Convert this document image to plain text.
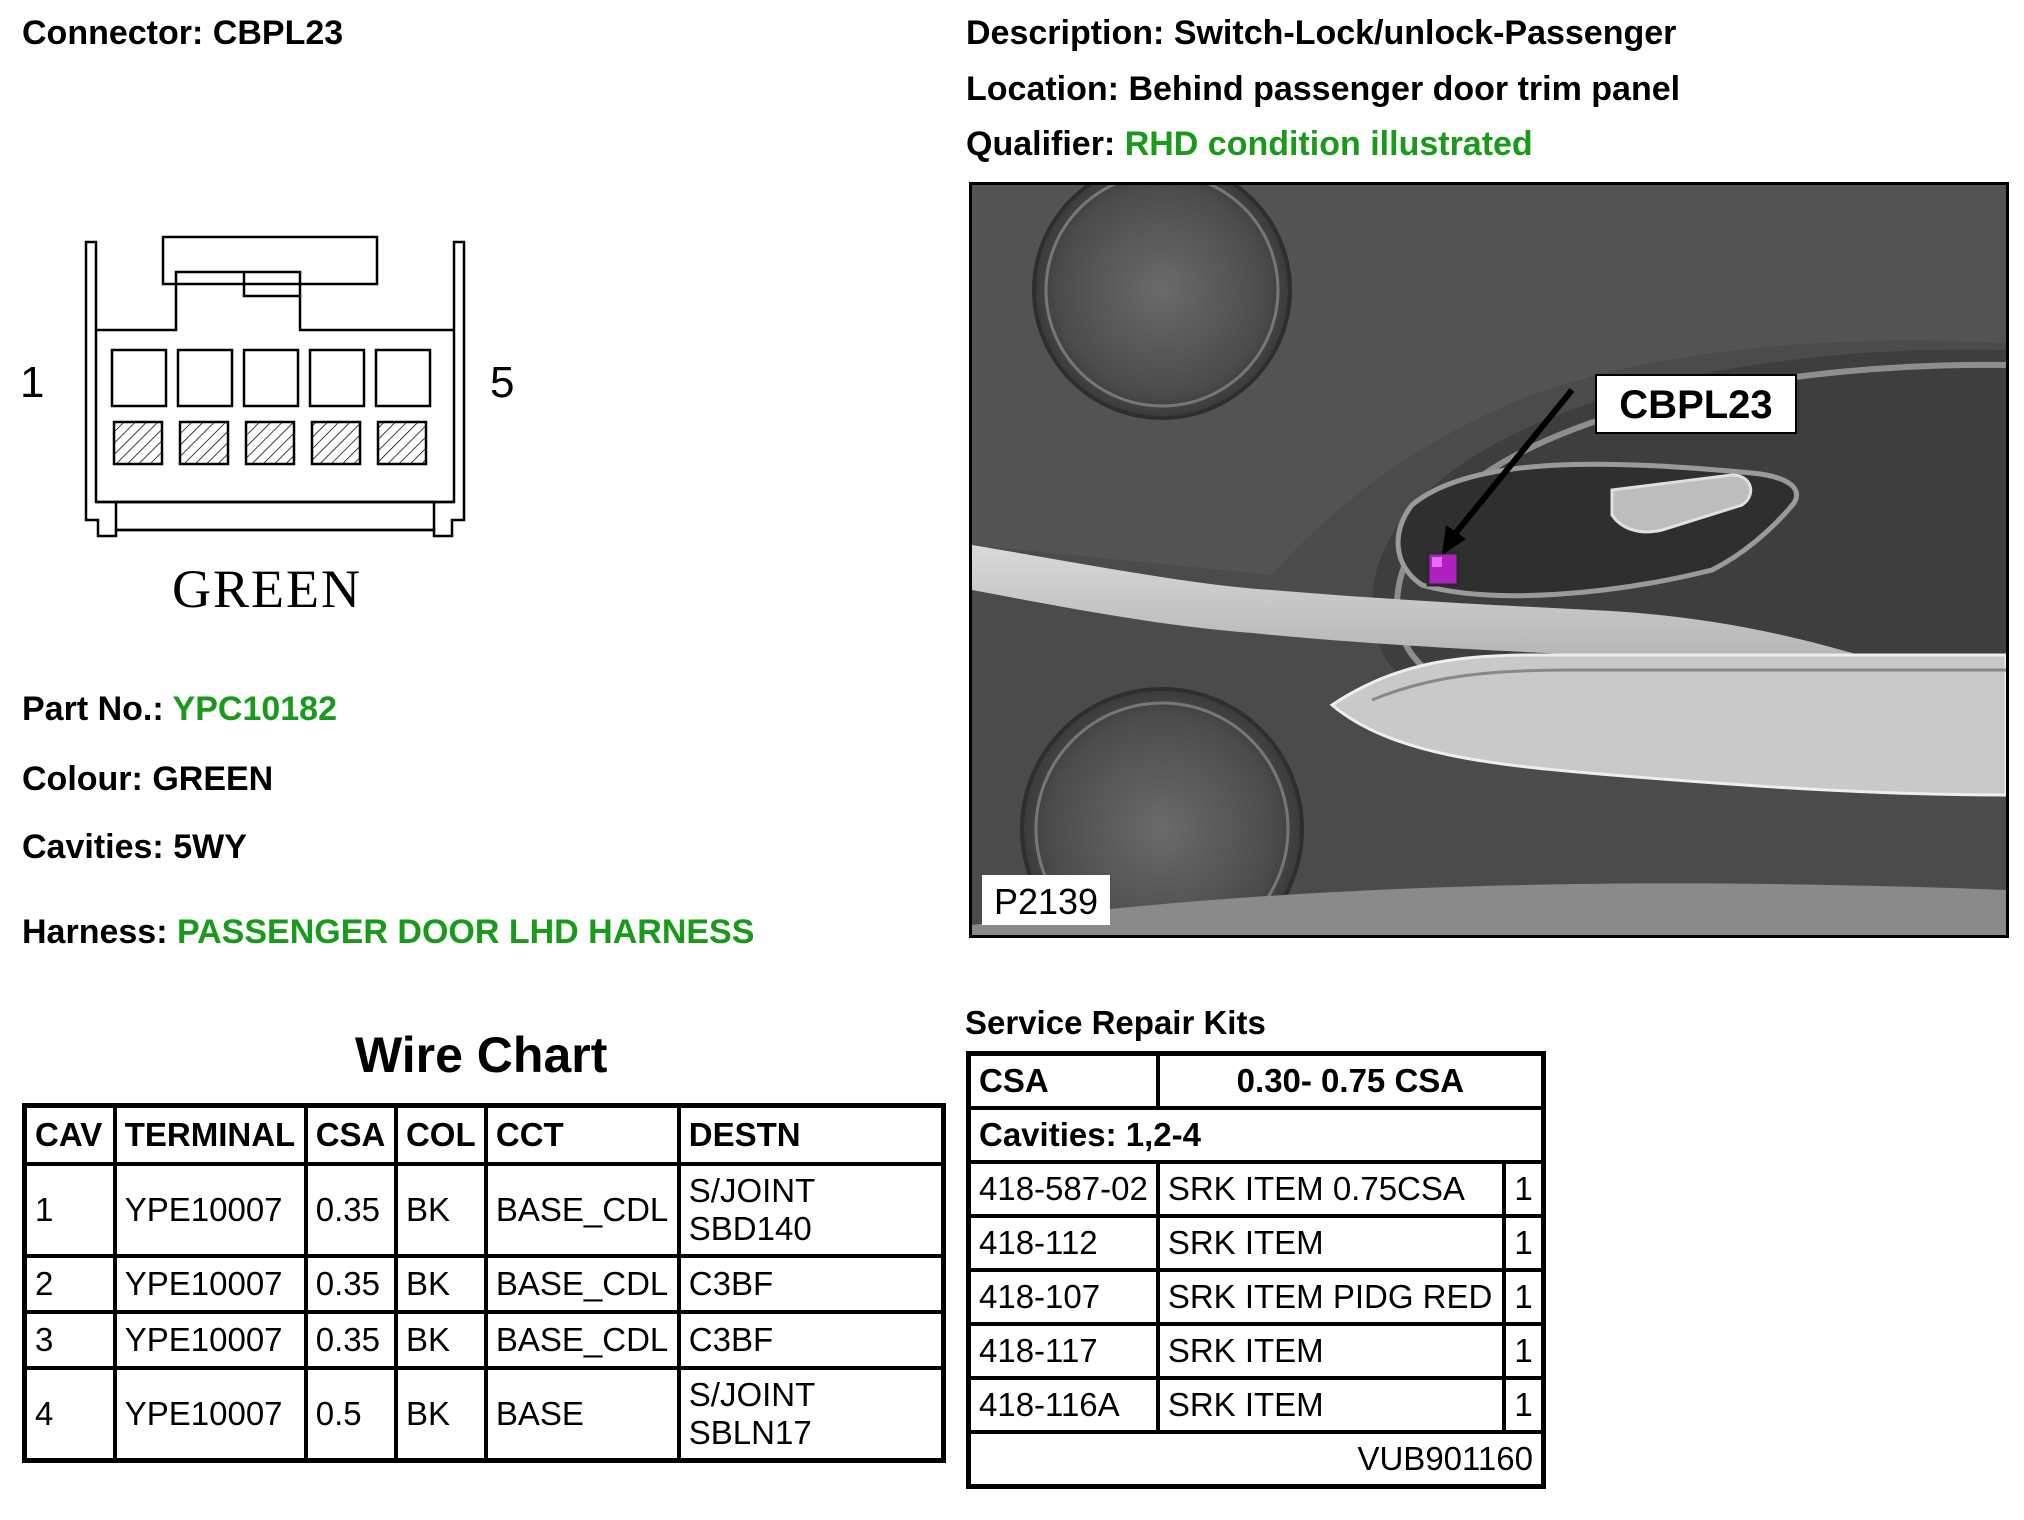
Connector: CBPL23	Description: Switch-Lock/unlock-Passenger
Location: Behind passenger door trim panel
Qualifier: RHD condition illustrated
1	5
GREEN
Part No.: YPC10182
Colour: GREEN
Cavities: 5WY
Harness: PASSENGER DOOR LHD HARNESS
CBPL23
P2139
Wire Chart
CAV	TERMINAL	CSA	COL	CCT	DESTN
1	YPE10007	0.35	BK	BASE_CDL	S/JOINT
SBD140

2	YPE10007	0.35	BK	BASE_CDL	C3BF
3	YPE10007	0.35	BK	BASE_CDL	C3BF
4	YPE10007	0.5	BK	BASE	S/JOINT
SBLN17
Service Repair Kits
CSA	0.30- 0.75 CSA	
Cavities: 1,2-4		
418-587-02	SRK ITEM 0.75CSA	1
418-112	SRK ITEM	1
418-107	SRK ITEM PIDG RED	1
418-117	SRK ITEM	1
418-116A	SRK ITEM	1
VUB901160		
